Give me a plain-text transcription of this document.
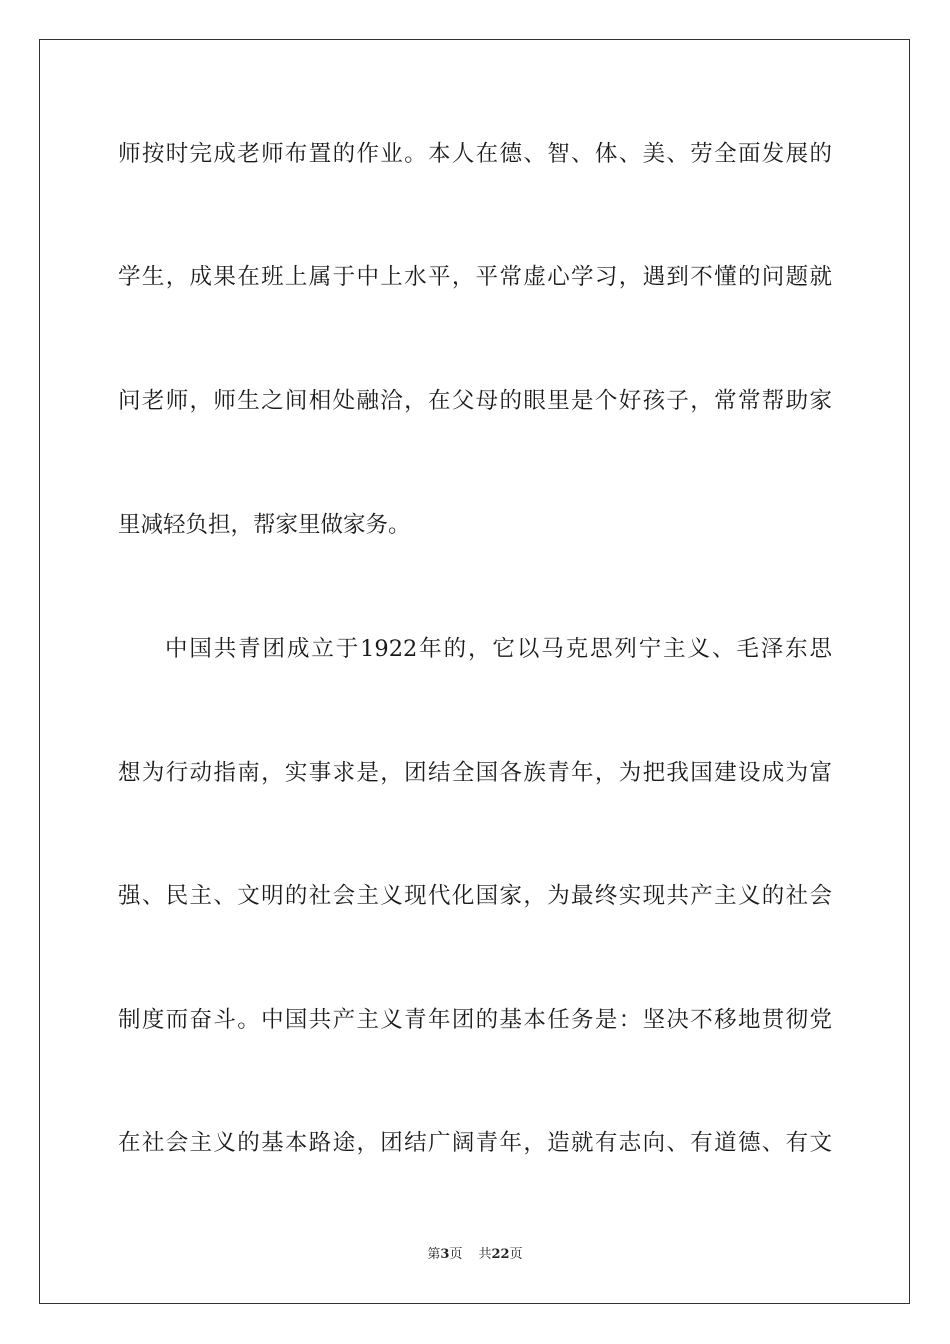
师按时完成老师布置的作业。本人在德、智、体、美、劳全面发展的
学生，成果在班上属于中上水平，平常虚心学习，遇到不懂的问题就
问老师，师生之间相处融洽，在父母的眼里是个好孩子，常常帮助家
里减轻负担，帮家里做家务。
中国共青团成立于1922年的，它以马克思列宁主义、毛泽东思
想为行动指南，实事求是，团结全国各族青年，为把我国建设成为富
强、民主、文明的社会主义现代化国家，为最终实现共产主义的社会
制度而奋斗。中国共产主义青年团的基本任务是：坚决不移地贯彻党
在社会主义的基本路途，团结广阔青年，造就有志向、有道德、有文
第3页 共22页
